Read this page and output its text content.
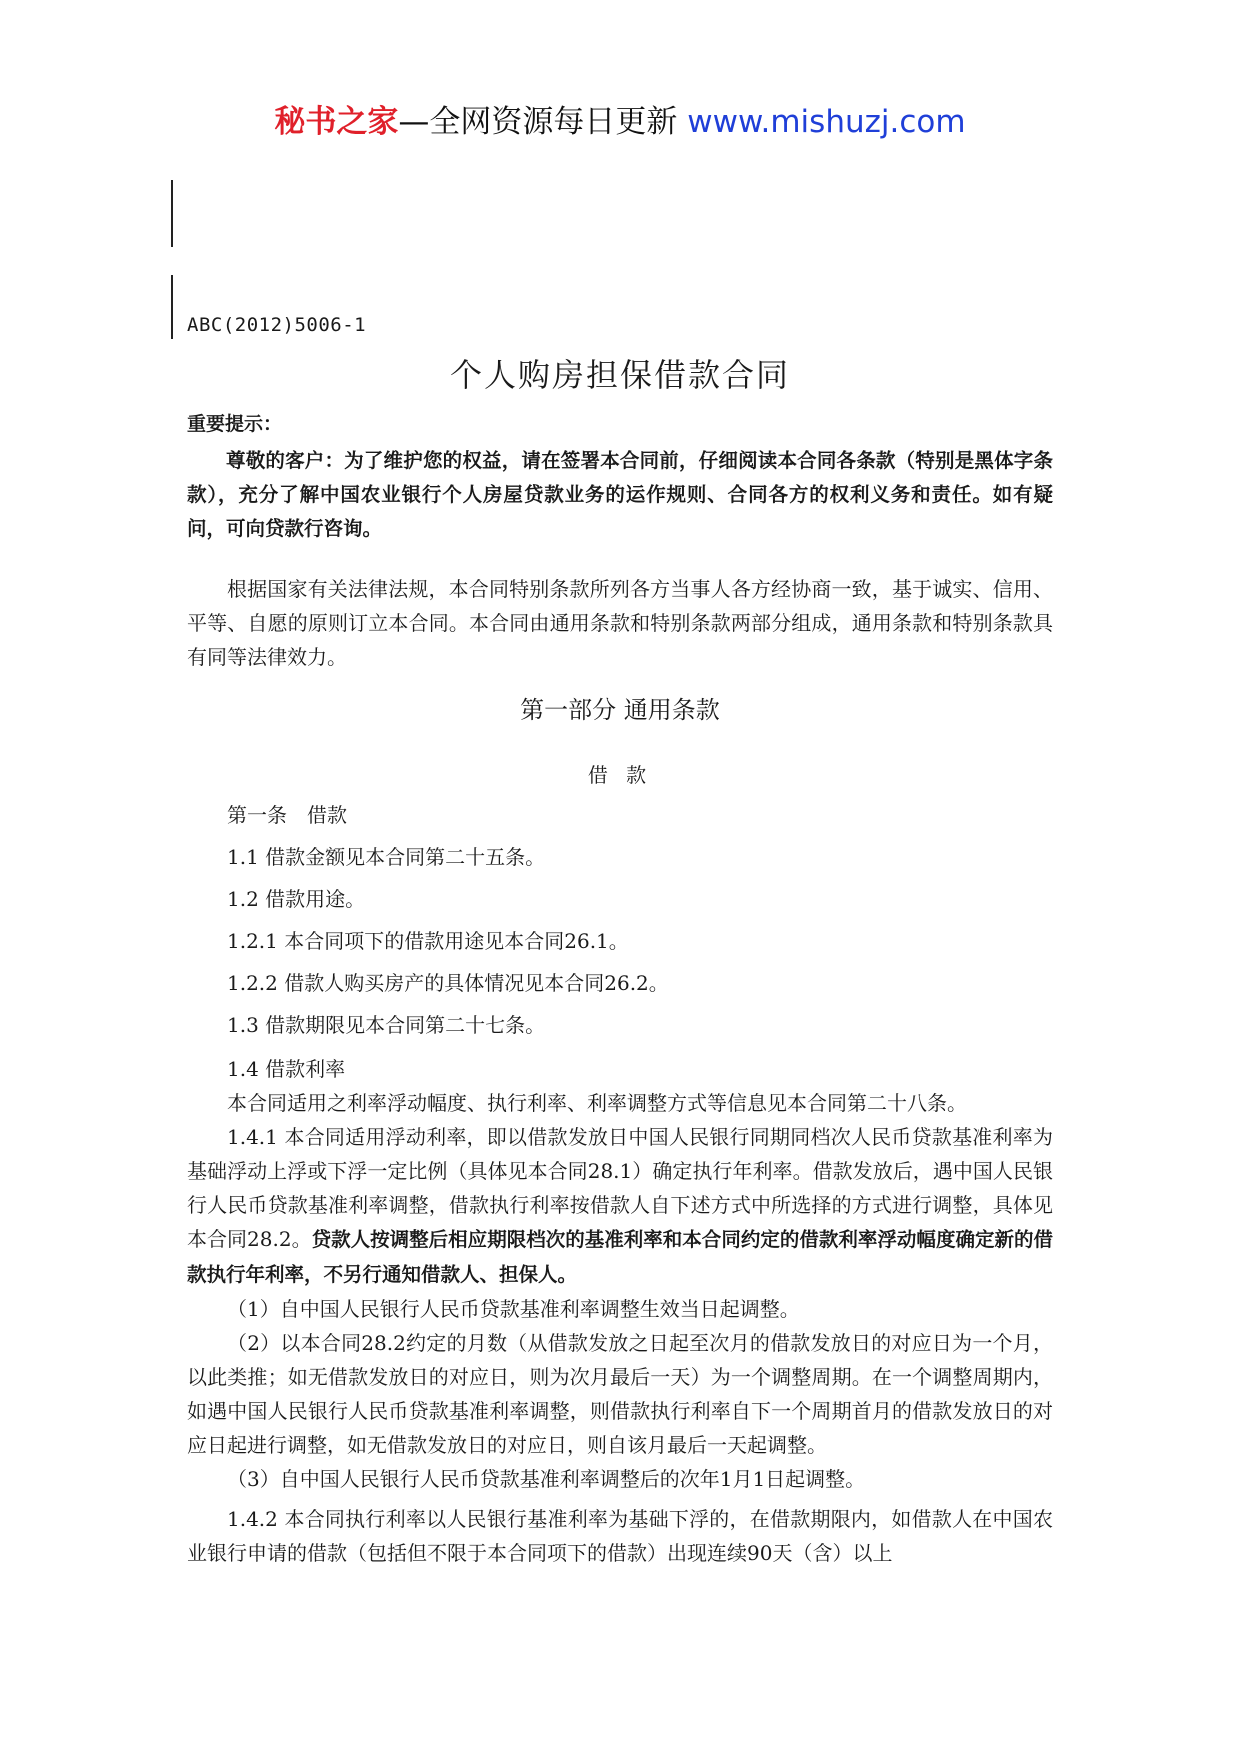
秘书之家—全网资源每日更新 www.mishuzj.com
ABC(2012)5006-1
个人购房担保借款合同
重要提示：
尊敬的客户：为了维护您的权益，请在签署本合同前，仔细阅读本合同各条款（特别是黑体字条款），充分了解中国农业银行个人房屋贷款业务的运作规则、合同各方的权利义务和责任。如有疑问，可向贷款行咨询。
根据国家有关法律法规，本合同特别条款所列各方当事人各方经协商一致，基于诚实、信用、平等、自愿的原则订立本合同。本合同由通用条款和特别条款两部分组成，通用条款和特别条款具有同等法律效力。
第一部分 通用条款
借 款

第一条　借款

1.1 借款金额见本合同第二十五条。

1.2 借款用途。

1.2.1 本合同项下的借款用途见本合同26.1。

1.2.2 借款人购买房产的具体情况见本合同26.2。

1.3 借款期限见本合同第二十七条。

1.4 借款利率

本合同适用之利率浮动幅度、执行利率、利率调整方式等信息见本合同第二十八条。

1.4.1 本合同适用浮动利率，即以借款发放日中国人民银行同期同档次人民币贷款基准利率为基础浮动上浮或下浮一定比例（具体见本合同28.1）确定执行年利率。借款发放后，遇中国人民银行人民币贷款基准利率调整，借款执行利率按借款人自下述方式中所选择的方式进行调整，具体见本合同28.2。贷款人按调整后相应期限档次的基准利率和本合同约定的借款利率浮动幅度确定新的借款执行年利率，不另行通知借款人、担保人。

（1）自中国人民银行人民币贷款基准利率调整生效当日起调整。

（2）以本合同28.2约定的月数（从借款发放之日起至次月的借款发放日的对应日为一个月，以此类推；如无借款发放日的对应日，则为次月最后一天）为一个调整周期。在一个调整周期内，如遇中国人民银行人民币贷款基准利率调整，则借款执行利率自下一个周期首月的借款发放日的对应日起进行调整，如无借款发放日的对应日，则自该月最后一天起调整。

（3）自中国人民银行人民币贷款基准利率调整后的次年1月1日起调整。

1.4.2 本合同执行利率以人民银行基准利率为基础下浮的，在借款期限内，如借款人在中国农业银行申请的借款（包括但不限于本合同项下的借款）出现连续90天（含）以上
